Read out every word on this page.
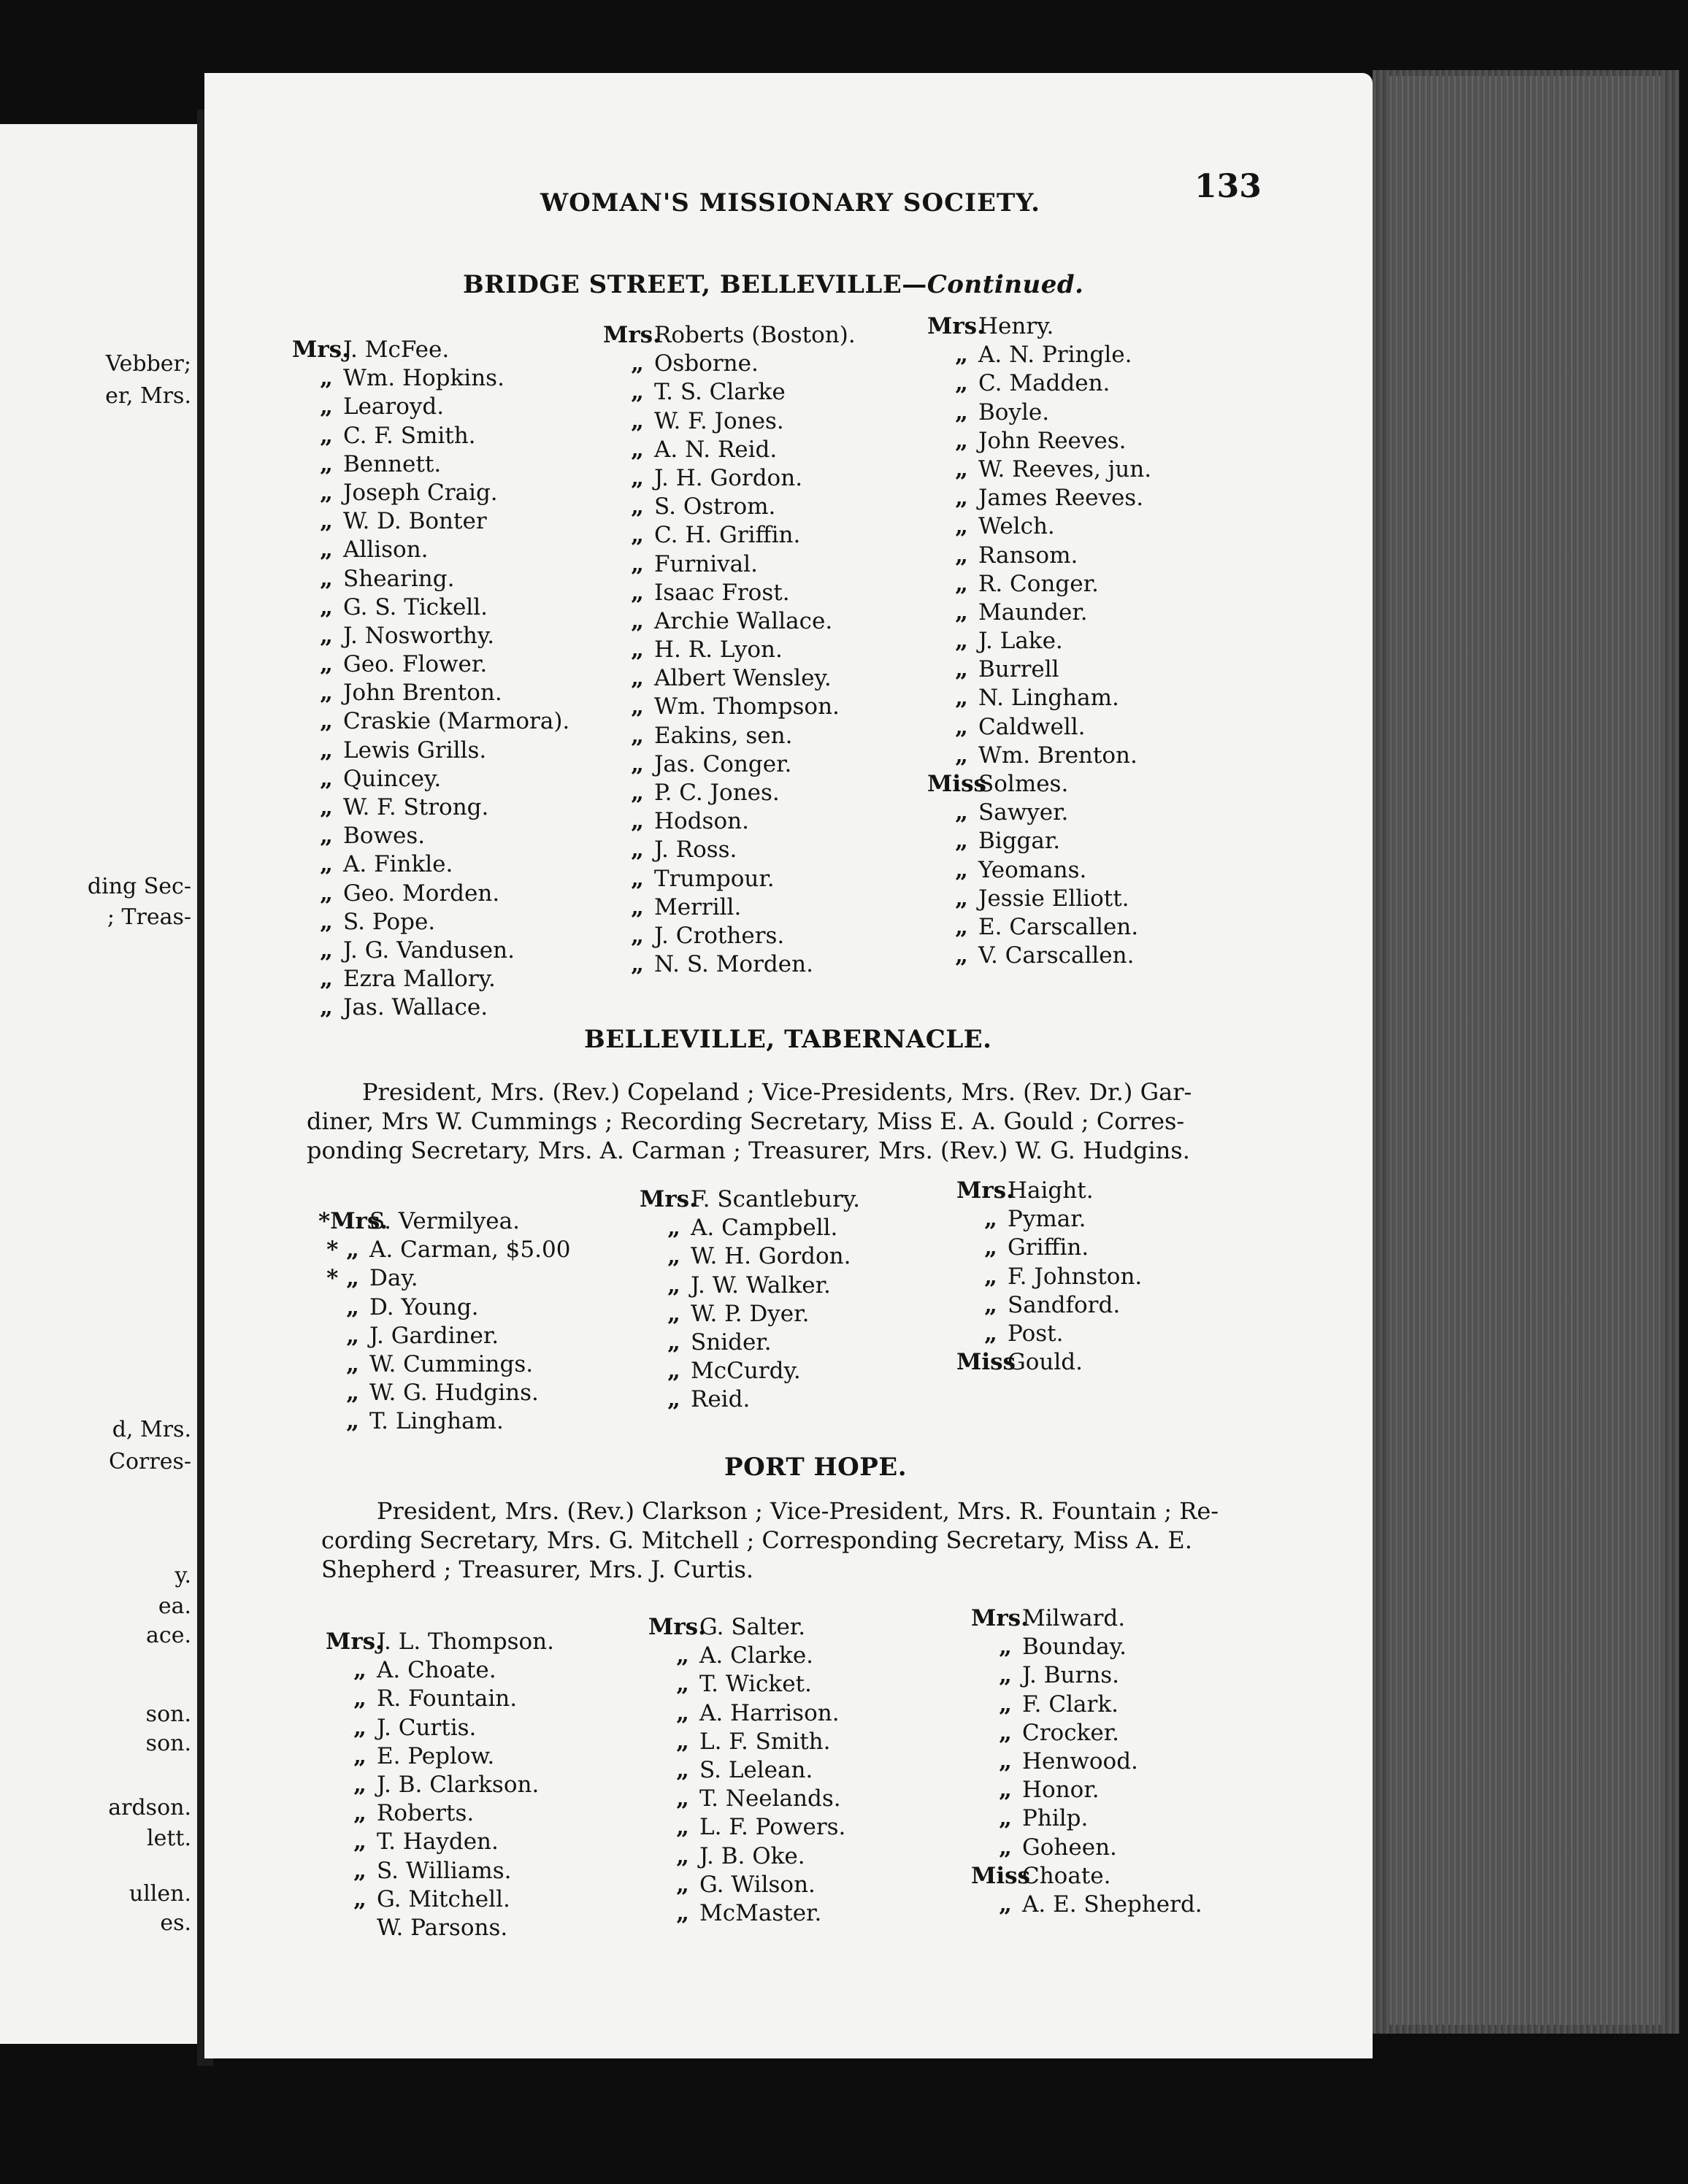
Vebber;
er, Mrs.
ding Sec-
; Treas-
d, Mrs.
Corres-
y.
ea.
ace.
son.
son.
ardson.
lett.
ullen.
es.
WOMAN'S MISSIONARY SOCIETY.	133
BRIDGE STREET, BELLEVILLE—Continued.
Mrs.J. McFee.
„ Wm. Hopkins.
„ Learoyd.
„ C. F. Smith.
„ Bennett.
„ Joseph Craig.
„ W. D. Bonter
„ Allison.
„ Shearing.
„ G. S. Tickell.
„ J. Nosworthy.
„ Geo. Flower.
„ John Brenton.
„ Craskie (Marmora).
„ Lewis Grills.
„ Quincey.
„ W. F. Strong.
„ Bowes.
„ A. Finkle.
„ Geo. Morden.
„ S. Pope.
„ J. G. Vandusen.
„ Ezra Mallory.
„ Jas. Wallace.
Mrs.Roberts (Boston).
„ Osborne.
„ T. S. Clarke
„ W. F. Jones.
„ A. N. Reid.
„ J. H. Gordon.
„ S. Ostrom.
„ C. H. Griffin.
„ Furnival.
„ Isaac Frost.
„ Archie Wallace.
„ H. R. Lyon.
„ Albert Wensley.
„ Wm. Thompson.
„ Eakins, sen.
„ Jas. Conger.
„ P. C. Jones.
„ Hodson.
„ J. Ross.
„ Trumpour.
„ Merrill.
„ J. Crothers.
„ N. S. Morden.
Mrs.Henry.
„ A. N. Pringle.
„ C. Madden.
„ Boyle.
„ John Reeves.
„ W. Reeves, jun.
„ James Reeves.
„ Welch.
„ Ransom.
„ R. Conger.
„ Maunder.
„ J. Lake.
„ Burrell
„ N. Lingham.
„ Caldwell.
„ Wm. Brenton.
MissSolmes.
„ Sawyer.
„ Biggar.
„ Yeomans.
„ Jessie Elliott.
„ E. Carscallen.
„ V. Carscallen.
BELLEVILLE, TABERNACLE.
President, Mrs. (Rev.) Copeland ; Vice-Presidents, Mrs. (Rev. Dr.) Gar-
diner, Mrs W. Cummings ; Recording Secretary, Miss E. A. Gould ; Corres-
ponding Secretary, Mrs. A. Carman ; Treasurer, Mrs. (Rev.) W. G. Hudgins.
*Mrs.S. Vermilyea.
* „ A. Carman, $5.00
* „ Day.
„ D. Young.
„ J. Gardiner.
„ W. Cummings.
„ W. G. Hudgins.
„ T. Lingham.
Mrs.F. Scantlebury.
„ A. Campbell.
„ W. H. Gordon.
„ J. W. Walker.
„ W. P. Dyer.
„ Snider.
„ McCurdy.
„ Reid.
Mrs.Haight.
„ Pymar.
„ Griffin.
„ F. Johnston.
„ Sandford.
„ Post.
MissGould.
PORT HOPE.
President, Mrs. (Rev.) Clarkson ; Vice-President, Mrs. R. Fountain ; Re-
cording Secretary, Mrs. G. Mitchell ; Corresponding Secretary, Miss A. E.
Shepherd ; Treasurer, Mrs. J. Curtis.
Mrs.J. L. Thompson.
„ A. Choate.
„ R. Fountain.
„ J. Curtis.
„ E. Peplow.
„ J. B. Clarkson.
„ Roberts.
„ T. Hayden.
„ S. Williams.
„ G. Mitchell.
W. Parsons.
Mrs.G. Salter.
„ A. Clarke.
„ T. Wicket.
„ A. Harrison.
„ L. F. Smith.
„ S. Lelean.
„ T. Neelands.
„ L. F. Powers.
„ J. B. Oke.
„ G. Wilson.
„ McMaster.
Mrs.Milward.
„ Bounday.
„ J. Burns.
„ F. Clark.
„ Crocker.
„ Henwood.
„ Honor.
„ Philp.
„ Goheen.
MissChoate.
„ A. E. Shepherd.
